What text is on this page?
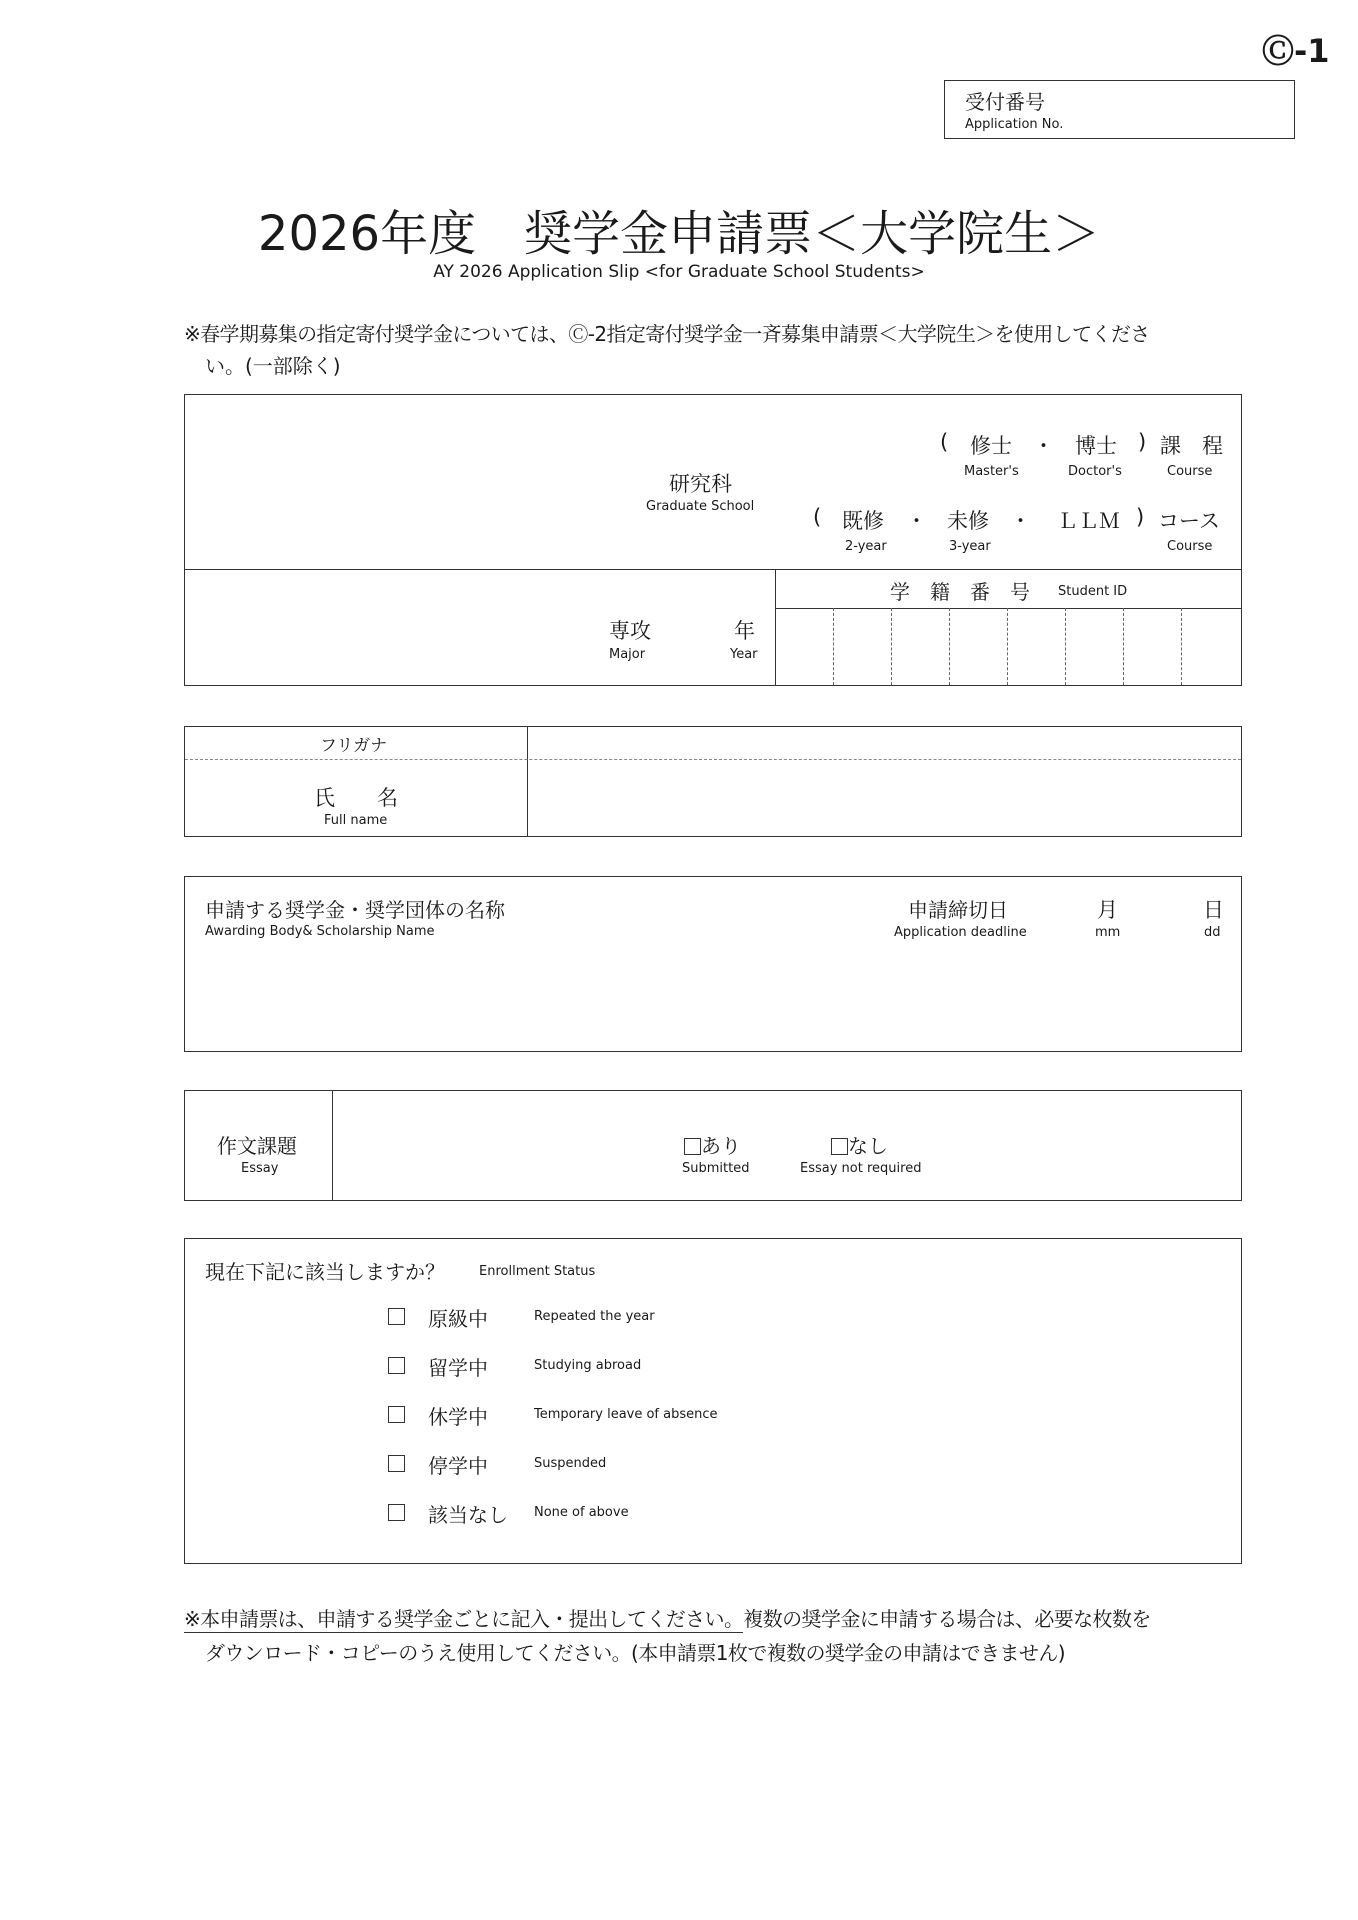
Ⓒ-1
受付番号
Application No.
2026年度　奨学金申請票＜大学院生＞
AY 2026 Application Slip <for Graduate School Students>
※春学期募集の指定寄付奨学金については、Ⓒ-2指定寄付奨学金一斉募集申請票＜大学院生＞を使用してくださ
い。(一部除く)
研究科
Graduate School
( 修士 ・ 博士 ) 課　程
Master's	Doctor's	Course
( 既修 ・ 未修 ・ ＬＬＭ ) コース
2-year	3-year	Course
専攻
Major
年
Year
学　籍　番　号 Student ID
フリガナ
氏　　名
Full name
申請する奨学金・奨学団体の名称
Awarding Body& Scholarship Name
申請締切日
Application deadline
月
mm
日
dd
作文課題
Essay
あり
Submitted
なし
Essay not required
現在下記に該当しますか？	Enrollment Status
原級中	Repeated the year
留学中	Studying abroad
休学中	Temporary leave of absence
停学中	Suspended
該当なし None of above
※本申請票は、申請する奨学金ごとに記入・提出してください。複数の奨学金に申請する場合は、必要な枚数を
ダウンロード・コピーのうえ使用してください。(本申請票1枚で複数の奨学金の申請はできません)
